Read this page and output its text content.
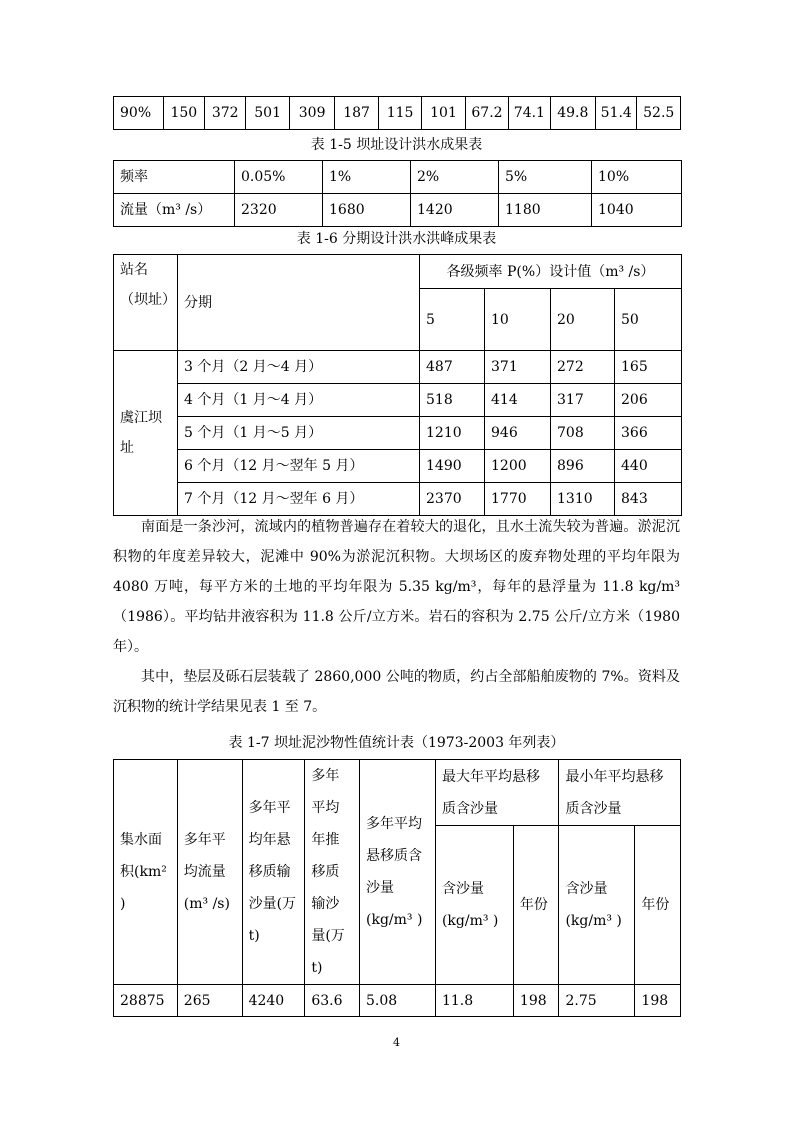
90%	150	372	501	309	187	115	101	67.2	74.1	49.8	51.4	52.5
表 1-5 坝址设计洪水成果表
频率	0.05%	1%	2%	5%	10%
流量（m³ /s）	2320	1680	1420	1180	1040
表 1-6 分期设计洪水洪峰成果表
站名（坝址）	分期	各级频率 P(%）设计值（m³ /s）			
		5	10	20	50
虞江坝址	3 个月（2 月～4 月）	487	371	272	165
	4 个月（1 月～4 月）	518	414	317	206
	5 个月（1 月～5 月）	1210	946	708	366
	6 个月（12 月～翌年 5 月）	1490	1200	896	440
	7 个月（12 月～翌年 6 月）	2370	1770	1310	843

南面是一条沙河，流域内的植物普遍存在着较大的退化，且水土流失较为普遍。淤泥沉积物的年度差异较大，泥滩中 90%为淤泥沉积物。大坝场区的废弃物处理的平均年限为 4080 万吨，每平方米的土地的平均年限为 5.35 kg/m³，每年的悬浮量为 11.8 kg/m³ （1986）。平均钻井液容积为 11.8 公斤/立方米。岩石的容积为 2.75 公斤/立方米（1980 年）。

其中，垫层及砾石层装载了 2860,000 公吨的物质，约占全部船舶废物的 7%。资料及沉积物的统计学结果见表 1 至 7。

表 1-7 坝址泥沙物性值统计表（1973-2003 年列表）
集水面积(km² )	多年平均流量(m³ /s)	多年平均年悬移质输沙量(万 t)	多年平均年推移质输沙量(万 t)	多年平均悬移质含沙量(kg/m³ )	最大年平均悬移质含沙量		最小年平均悬移质含沙量	
					含沙量(kg/m³ )	年份	含沙量(kg/m³ )	年份
28875	265	4240	63.6	5.08	11.8	198	2.75	198
4
